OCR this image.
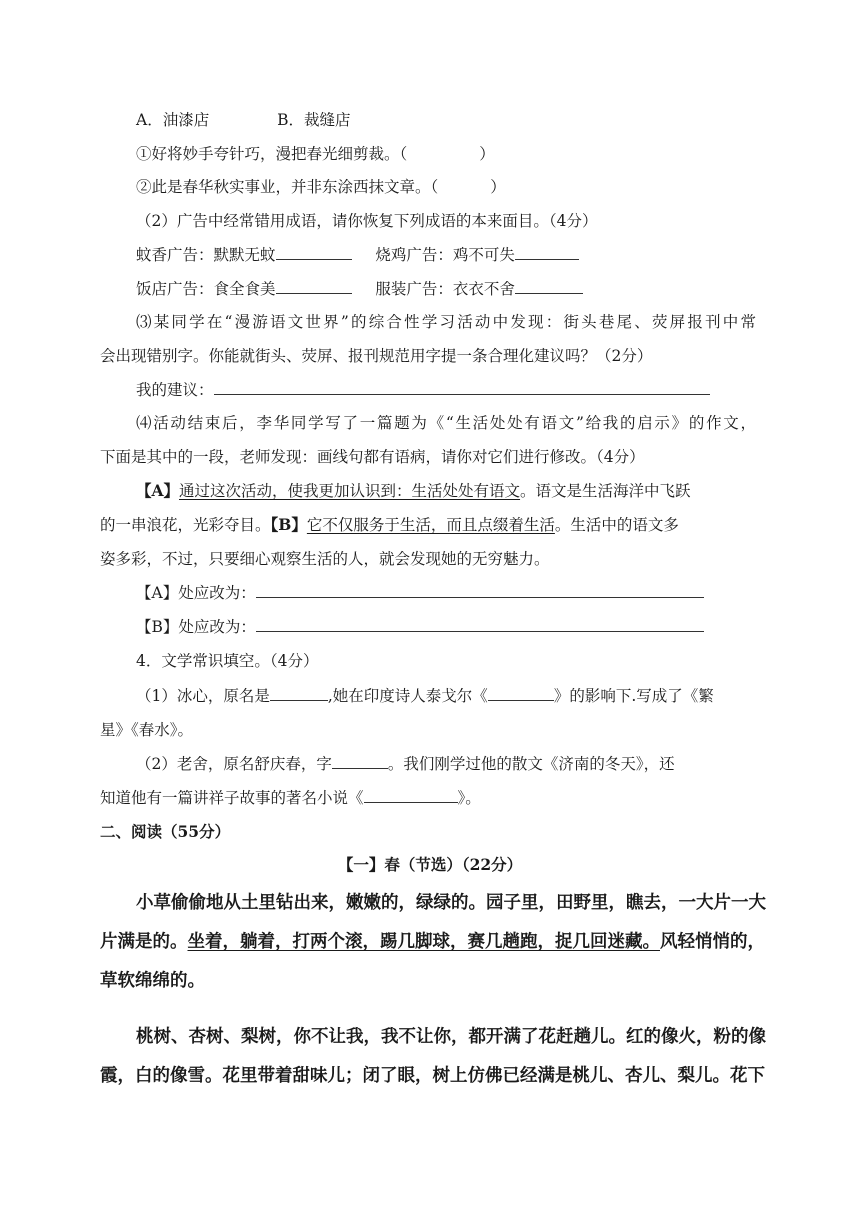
A．油漆店	B．裁缝店
①好将妙手夸针巧，漫把春光细剪裁。（	）
②此是春华秋实事业，并非东涂西抹文章。（	）
（2）广告中经常错用成语，请你恢复下列成语的本来面目。（4分）
蚊香广告：默默无蚊	烧鸡广告：鸡不可失
饭店广告：食全食美	服装广告：衣衣不舍
⑶某同学在“漫游语文世界”的综合性学习活动中发现：街头巷尾、荧屏报刊中常
会出现错别字。你能就街头、荧屏、报刊规范用字提一条合理化建议吗？（2分）
我的建议：
⑷活动结束后，李华同学写了一篇题为《“生活处处有语文”给我的启示》的作文，
下面是其中的一段，老师发现：画线句都有语病，请你对它们进行修改。（4分）
【A】通过这次活动，使我更加认识到：生活处处有语文。语文是生活海洋中飞跃
的一串浪花，光彩夺目。【B】它不仅服务于生活，而且点缀着生活。生活中的语文多
姿多彩，不过，只要细心观察生活的人，就会发现她的无穷魅力。
【A】处应改为：
【B】处应改为：
4．文学常识填空。（4分）
（1）冰心，原名是	,她在印度诗人泰戈尔《	》的影响下.写成了《繁
星》《春水》。
（2）老舍，原名舒庆春，字	。我们刚学过他的散文《济南的冬天》，还
知道他有一篇讲祥子故事的著名小说《	》。
二、阅读（55分）
【一】春（节选）（22分）
小草偷偷地从土里钻出来，嫩嫩的，绿绿的。园子里，田野里，瞧去，一大片一大
片满是的。坐着，躺着，打两个滚，踢几脚球，赛几趟跑，捉几回迷藏。风轻悄悄的，
草软绵绵的。
桃树、杏树、梨树，你不让我，我不让你，都开满了花赶趟儿。红的像火，粉的像
霞，白的像雪。花里带着甜味儿；闭了眼，树上仿佛已经满是桃儿、杏儿、梨儿。花下
